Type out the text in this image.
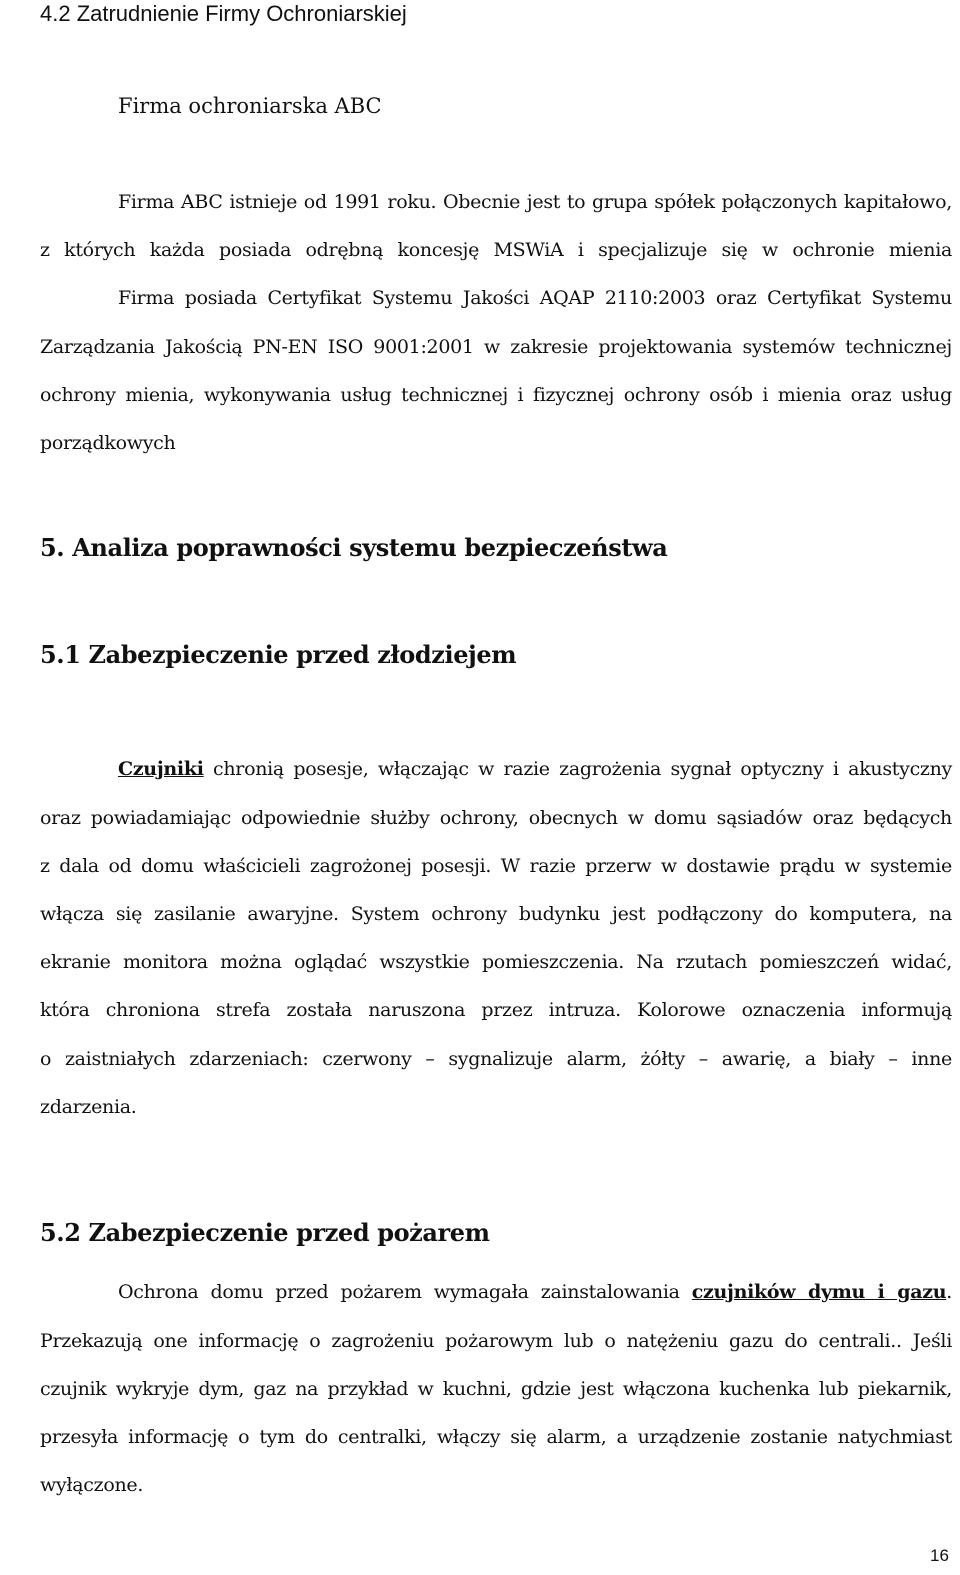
4.2 Zatrudnienie Firmy Ochroniarskiej
Firma ochroniarska ABC
Firma ABC istnieje od 1991 roku. Obecnie jest to grupa spółek połączonych kapitałowo,
z których każda posiada odrębną koncesję MSWiA i specjalizuje się w ochronie mienia
Firma posiada Certyfikat Systemu Jakości AQAP 2110:2003 oraz Certyfikat Systemu
Zarządzania Jakością PN-EN ISO 9001:2001 w zakresie projektowania systemów technicznej
ochrony mienia, wykonywania usług technicznej i fizycznej ochrony osób i mienia oraz usług
porządkowych
5. Analiza poprawności systemu bezpieczeństwa
5.1 Zabezpieczenie przed złodziejem
Czujniki chronią posesje, włączając w razie zagrożenia sygnał optyczny i akustyczny
oraz powiadamiając odpowiednie służby ochrony, obecnych w domu sąsiadów oraz będących
z dala od domu właścicieli zagrożonej posesji. W razie przerw w dostawie prądu w systemie
włącza się zasilanie awaryjne. System ochrony budynku jest podłączony do komputera, na
ekranie monitora można oglądać wszystkie pomieszczenia. Na rzutach pomieszczeń widać,
która chroniona strefa została naruszona przez intruza. Kolorowe oznaczenia informują
o zaistniałych zdarzeniach: czerwony – sygnalizuje alarm, żółty – awarię, a biały – inne
zdarzenia.
5.2 Zabezpieczenie przed pożarem
Ochrona domu przed pożarem wymagała zainstalowania czujników dymu i gazu.
Przekazują one informację o zagrożeniu pożarowym lub o natężeniu gazu do centrali.. Jeśli
czujnik wykryje dym, gaz na przykład w kuchni, gdzie jest włączona kuchenka lub piekarnik,
przesyła informację o tym do centralki, włączy się alarm, a urządzenie zostanie natychmiast
wyłączone.
16
